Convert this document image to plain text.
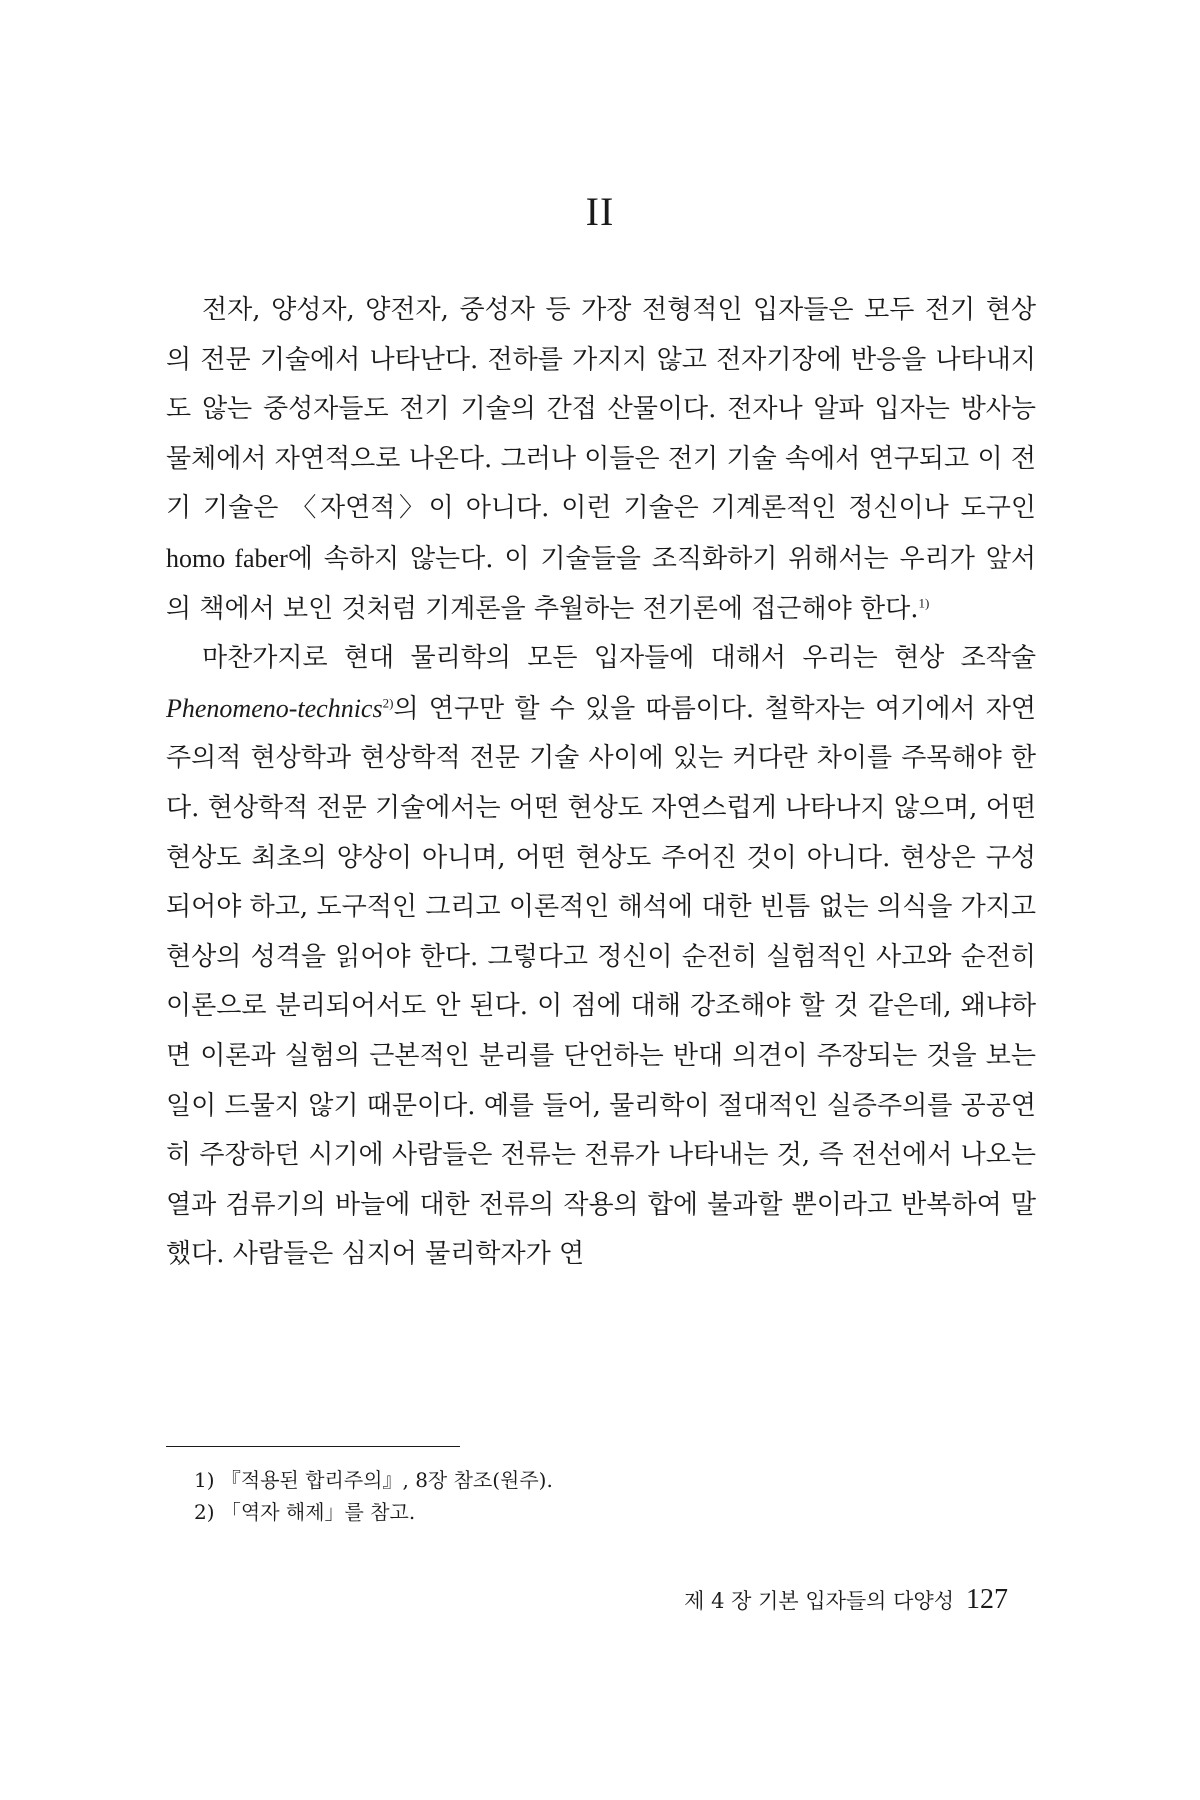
II

전자, 양성자, 양전자, 중성자 등 가장 전형적인 입자들은 모두 전기 현상의 전문 기술에서 나타난다. 전하를 가지지 않고 전자기장에 반응을 나타내지도 않는 중성자들도 전기 기술의 간접 산물이다. 전자나 알파 입자는 방사능 물체에서 자연적으로 나온다. 그러나 이들은 전기 기술 속에서 연구되고 이 전기 기술은 〈자연적〉이 아니다. 이런 기술은 기계론적인 정신이나 도구인 homo faber에 속하지 않는다. 이 기술들을 조직화하기 위해서는 우리가 앞서의 책에서 보인 것처럼 기계론을 추월하는 전기론에 접근해야 한다.$^{1)}$

마찬가지로 현대 물리학의 모든 입자들에 대해서 우리는 현상 조작술 Phenomeno-technics$^{2)}$의 연구만 할 수 있을 따름이다. 철학자는 여기에서 자연주의적 현상학과 현상학적 전문 기술 사이에 있는 커다란 차이를 주목해야 한다. 현상학적 전문 기술에서는 어떤 현상도 자연스럽게 나타나지 않으며, 어떤 현상도 최초의 양상이 아니며, 어떤 현상도 주어진 것이 아니다. 현상은 구성되어야 하고, 도구적인 그리고 이론적인 해석에 대한 빈틈 없는 의식을 가지고 현상의 성격을 읽어야 한다. 그렇다고 정신이 순전히 실험적인 사고와 순전히 이론으로 분리되어서도 안 된다. 이 점에 대해 강조해야 할 것 같은데, 왜냐하면 이론과 실험의 근본적인 분리를 단언하는 반대 의견이 주장되는 것을 보는 일이 드물지 않기 때문이다. 예를 들어, 물리학이 절대적인 실증주의를 공공연히 주장하던 시기에 사람들은 전류는 전류가 나타내는 것, 즉 전선에서 나오는 열과 검류기의 바늘에 대한 전류의 작용의 합에 불과할 뿐이라고 반복하여 말했다. 사람들은 심지어 물리학자가 연

1) 『적용된 합리주의』, 8장 참조(원주).
2) 「역자 해제」를 참고.
제 4 장 기본 입자들의 다양성 127
